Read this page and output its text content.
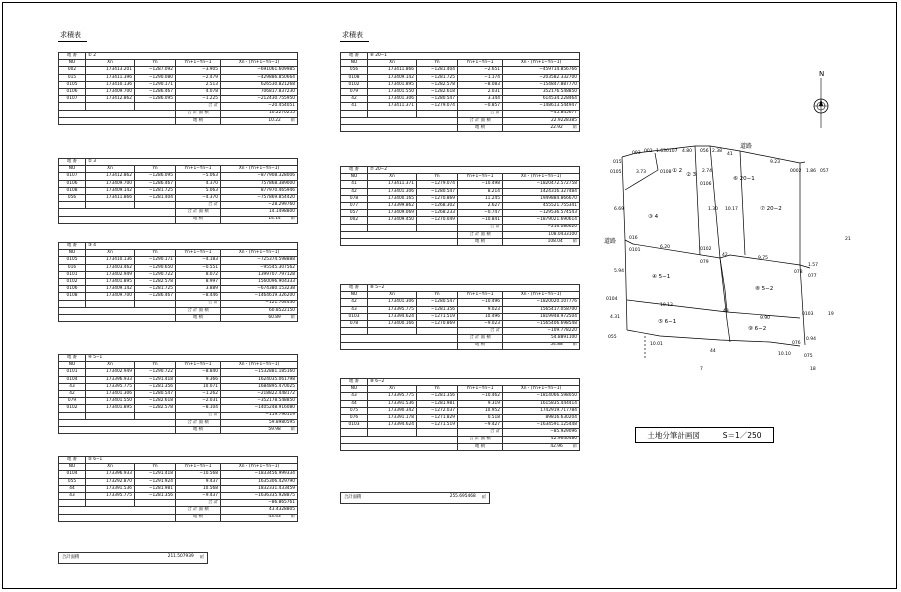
求積表	求積表
地 番	① 2			
NO	Xn	Yn	Yn+1−Yn−1	Xn・(Yn+1−Yn−1)
002	173413.201	−1287.092	−3.905	−691061.609985
015	173411.396	−1290.080	−2.479	−429886.850664
0105	173410.136	−1290.171	2.513	626530.821268
0106	173409.700	−1286.467	4.078	706817.837230
0107	173412.862	−1286.095	−1.225	−212430.755950
			合 計	−20.454051
			合 計 面 積	10.2270255
			地 積	10.22 ㎡
地 番	② 3			
NO	Xn	Yn	Yn+1−Yn−1	Xn・(Yn+1−Yn−1)
0107	173412.862	−1286.095	−5.063	−877908.328006
0106	173409.700	−1286.467	4.370	757868.389000
0108	173409.142	−1281.725	5.063	877970.465946
056	173411.866	−1281.404	−4.370	−757869.854420
			合 計	−28.299760
			合 計 面 積	14.1498800
			地 積	14.14 ㎡
地 番	③ 4			
NO	Xn	Yn	Yn+1−Yn−1	Xn・(Yn+1−Yn−1)
0105	173410.136	−1290.171	−4.183	−725374.598888
016	173403.462	−1290.650	−0.551	−95545.307562
0101	173402.949	−1290.722	8.072	1399707.797128
0102	173401.895	−1282.578	8.997	1560096.904333
0106	173409.142	−1281.725	3.889	−674380.153238
0108	173409.700	−1286.467	−8.446	−1464619.326200
			合 計	−121.704430
			合 計 面 積	60.8522150
			地 積	60.89 ㎡
地 番	④ 5−1			
NO	Xn	Yn	Yn+1−Yn−1	Xn・(Yn+1−Yn−1)
0101	173402.949	−1290.722	−8.840	−1532881.185160
0104	173396.933	−1291.418	9.366	1624035.061798
43	173395.775	−1281.356	10.071	1684895.470025
42	173401.306	−1280.547	−1.262	−218822.448172
079	173401.550	−1282.618	−2.031	−352178.548850
0102	173401.895	−1282.578	−8.104	−1405248.916080
			合 計	−119.796119
			合 計 面 積	59.8980595
			地 積	59.98 ㎡
地 番	⑤ 6−1			
NO	Xn	Yn	Yn+1−Yn−1	Xn・(Yn+1−Yn−1)
0104	173396.933	−1291.418	−10.568	−1833456.999334
055	173292.870	−1291.924	9.437	1635306.429790
44	173391.536	−1281.981	10.568	1832331.433459
43	173395.775	−1281.356	−9.437	−1636335.928875
			合 計	−86.865761
			合 計 面 積	43.4328805
			地 積	43.43 ㎡
地 番	⑥ 20−1			
NO	Xn	Yn	Yn+1−Yn−1	Xn・(Yn+1−Yn−1)
056	173411.866	−1281.404	−2.651	−459714.856766
0108	173409.142	−1281.725	−1.174	−203582.332700
0102	173401.895	−1282.578	−8.083	−154847.887770
079	173401.550	−1282.618	2.031	352176.548850
42	173401.306	−1280.547	3.344	614534.228464
41	173411.371	−1279.074	−0.857	−148613.544947
			合 計	−45.845677
			合 計 面 積	22.9228385
			地 積	22.92 ㎡
地 番	⑦ 20−2			
NO	Xn	Yn	Yn+1−Yn−1	Xn・(Yn+1−Yn−1)
41	173411.371	−1279.074	−10.498	−1820472.572758
42	173401.306	−1280.547	8.214	1424316.327484
078	173400.165	−1270.869	11.245	1949884.866670
077	173399.862	−1268.302	2.627	455521.755341
057	173409.069	−1268.233	−0.747	−129536.574543
002	173409.450	−1270.049	−10.841	−1879021.690614
			合 計	−216.086620
			合 計 面 積	108.0433100
			地 積	108.04 ㎡
地 番	⑧ 5−2			
NO	Xn	Yn	Yn+1−Yn−1	Xn・(Yn+1−Yn−1)
42	173401.306	−1280.547	−10.496	−1820020.107776
43	173395.775	−1281.356	9.023	1565417.058700
0103	173394.624	−1271.519	10.496	1819948.972504
078	173400.166	−1270.869	−9.023	−1565406.698548
			合 計	−109.778220
			合 計 面 積	54.8891100
			地 積	54.88 ㎡
地 番	⑨ 6−2			
NO	Xn	Yn	Yn+1−Yn−1	Xn・(Yn+1−Yn−1)
43	173395.775	−1281.356	−10.462	−1814066.598050
44	173391.536	−1281.981	9.319	1615835.444414
075	173390.342	−1272.037	10.952	1742919.717784
076	173391.178	−1271.829	0.518	89816.630204
0103	173394.624	−1271.519	−9.427	−1634591.125448
			合 計	−85.929096
			合 計 面 積	42.9640480
			地 積	42.96 ㎡
合計面積	255.695468	㎡
合計面積	211.507939	㎡
N
道路
道路
015
003 002 1.63 0107 4.80 056 2.38
41
9.23
0002 1.86 057
0105	3.73	0108	2.74
0106
6.69
016
0101
6.20	0102
079
42
9.75
078
077
1.57
5.94
0104
10.13
43
9.90
0103
055
10.01
44
10.10
076
075
0.94
10.17
1.30
4.31
① 2
② 3
③ 4
④ 5−1
⑤ 6−1
⑥ 20−1
⑦ 20−2
⑧ 5−2
⑨ 6−2
21
19
7	18
土地分筆計画図	S＝1／250
